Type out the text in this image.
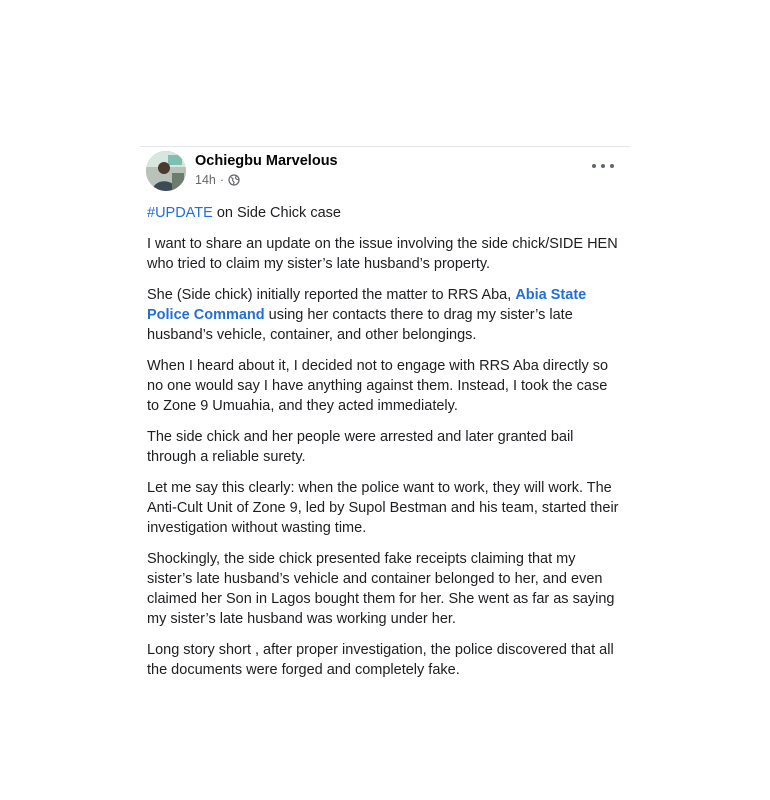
Ochiegbu Marvelous
14h ·

#UPDATE on Side Chick case

I want to share an update on the issue involving the side chick/SIDE HEN who tried to claim my sister’s late husband’s property.

She (Side chick) initially reported the matter to RRS Aba, Abia State Police Command using her contacts there to drag my sister’s late husband’s vehicle, container, and other belongings.

When I heard about it, I decided not to engage with RRS Aba directly so no one would say I have anything against them. Instead, I took the case to Zone 9 Umuahia, and they acted immediately.

The side chick and her people were arrested and later granted bail through a reliable surety.

Let me say this clearly: when the police want to work, they will work. The Anti-Cult Unit of Zone 9, led by Supol Bestman and his team, started their investigation without wasting time.

Shockingly, the side chick presented fake receipts claiming that my sister’s late husband’s vehicle and container belonged to her, and even claimed her Son in Lagos bought them for her. She went as far as saying my sister’s late husband was working under her.

Long story short , after proper investigation, the police discovered that all the documents were forged and completely fake.
